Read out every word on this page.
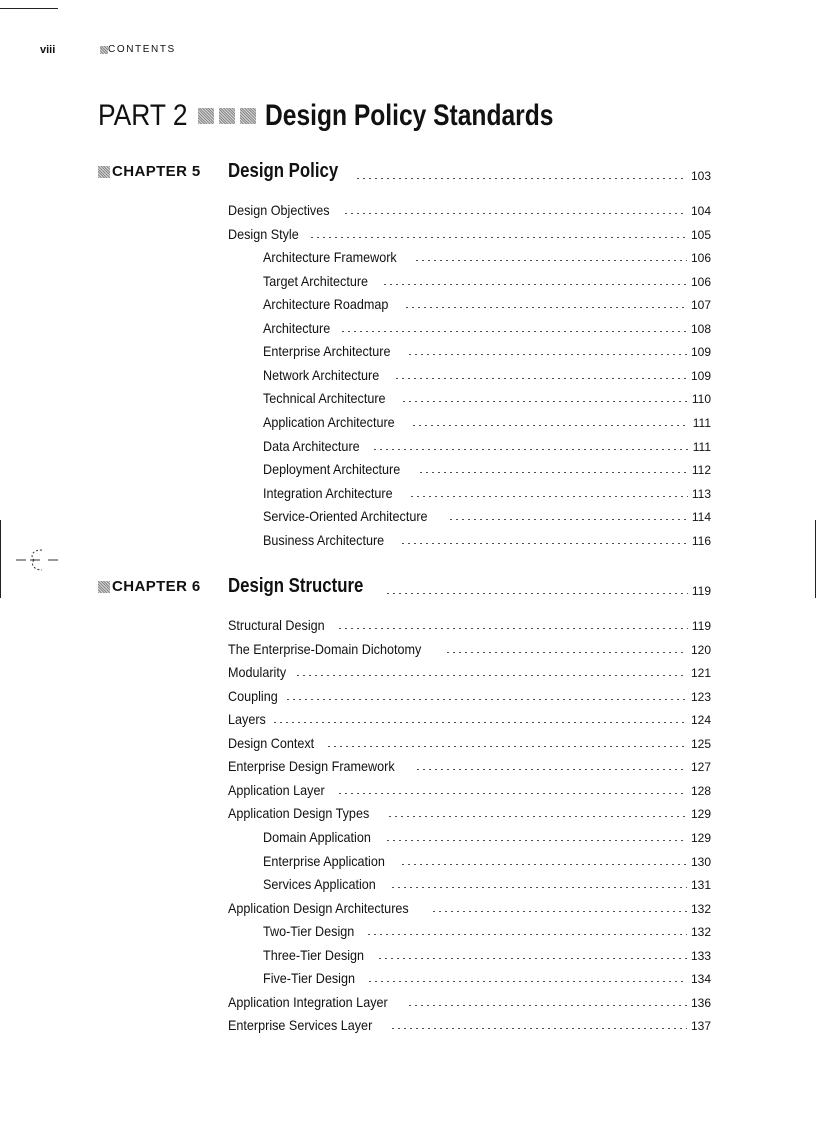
viii	CONTENTS
PART 2	Design Policy Standards
CHAPTER 5 Design Policy	103
Design Objectives	104
Design Style	105
Architecture Framework	106
Target Architecture	106
Architecture Roadmap	107
Architecture	108
Enterprise Architecture	109
Network Architecture	109
Technical Architecture	110
Application Architecture	111
Data Architecture	111
Deployment Architecture	112
Integration Architecture	113
Service-Oriented Architecture	114
Business Architecture	116
CHAPTER 6 Design Structure	119
Structural Design	119
The Enterprise-Domain Dichotomy	120
Modularity	121
Coupling	123
Layers	124
Design Context	125
Enterprise Design Framework	127
Application Layer	128
Application Design Types	129
Domain Application	129
Enterprise Application	130
Services Application	131
Application Design Architectures	132
Two-Tier Design	132
Three-Tier Design	133
Five-Tier Design	134
Application Integration Layer	136
Enterprise Services Layer	137
